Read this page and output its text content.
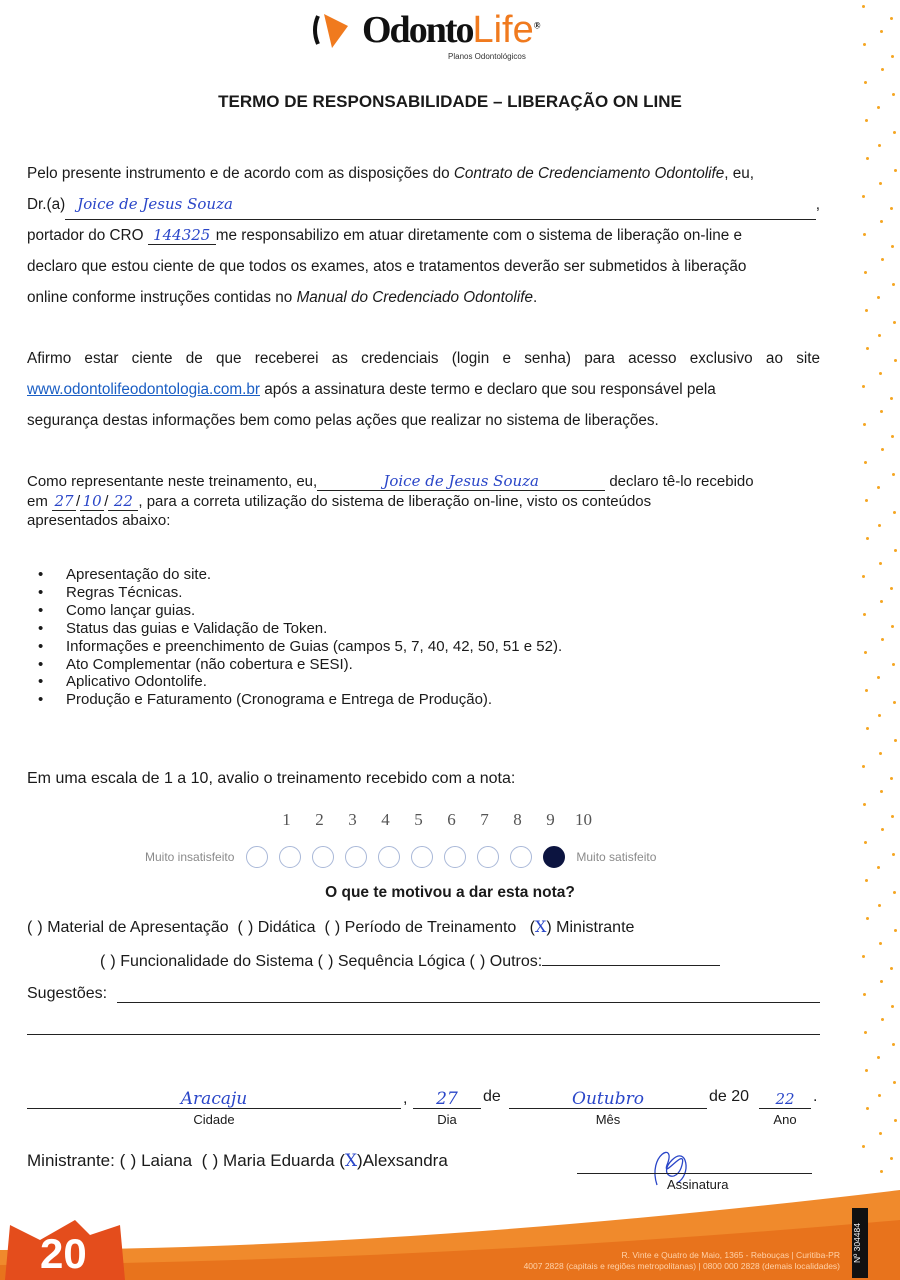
OdontoLife®
Planos Odontológicos
TERMO DE RESPONSABILIDADE – LIBERAÇÃO ON LINE
Pelo presente instrumento e de acordo com as disposições do Contrato de Credenciamento Odontolife, eu,
Dr.(a) Joice de Jesus Souza	,
portador do CRO 144325 me responsabilizo em atuar diretamente com o sistema de liberação on-line e
declaro que estou ciente de que todos os exames, atos e tratamentos deverão ser submetidos à liberação
online conforme instruções contidas no Manual do Credenciado Odontolife.
Afirmo estar ciente de que receberei as credenciais (login e senha) para acesso exclusivo ao site
www.odontolifeodontologia.com.br após a assinatura deste termo e declaro que sou responsável pela
segurança destas informações bem como pelas ações que realizar no sistema de liberações.
Como representante neste treinamento, eu,	Joice de Jesus Souza	declaro tê-lo recebido
em 27 / 10 / 22 , para a correta utilização do sistema de liberação on-line, visto os conteúdos
apresentados abaixo:
• Apresentação do site.
• Regras Técnicas.
• Como lançar guias.
• Status das guias e Validação de Token.
• Informações e preenchimento de Guias (campos 5, 7, 40, 42, 50, 51 e 52).
• Ato Complementar (não cobertura e SESI).
• Aplicativo Odontolife.
• Produção e Faturamento (Cronograma e Entrega de Produção).
Em uma escala de 1 a 10, avalio o treinamento recebido com a nota:
1 2 3 4 5 6 7 8 9 10
Muito insatisfeito	Muito satisfeito
O que te motivou a dar esta nota?
( ) Material de Apresentação  ( ) Didática  ( ) Período de Treinamento   (X) Ministrante
( ) Funcionalidade do Sistema ( ) Sequência Lógica ( ) Outros:
Sugestões:
Aracaju	,	27	de	Outubro	de 20	22	.
Cidade	Dia	Mês	Ano
Ministrante: ( ) Laiana  ( ) Maria Eduarda (X)Alexsandra
Assinatura
20	R. Vinte e Quatro de Maio, 1365 - Rebouças | Curitiba-PR
4007 2828 (capitais e regiões metropolitanas) | 0800 000 2828 (demais localidades)
Nº 304484
